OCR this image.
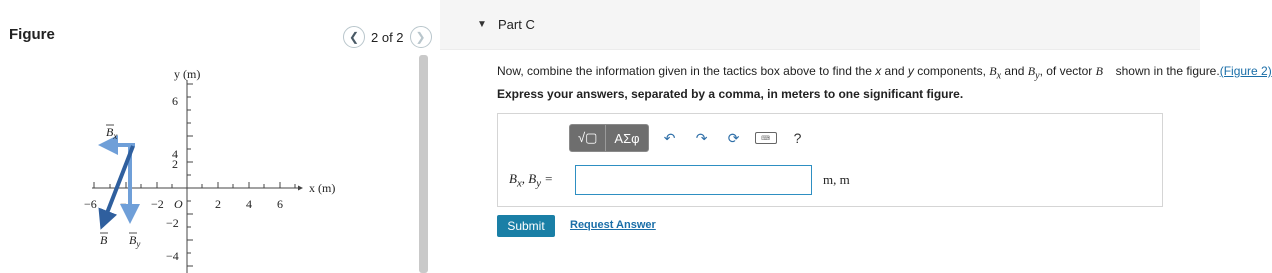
Figure	❮ 2 of 2 ❯
y (m)
x (m)
6
4
2
−2
−4
−6 −4 −2 O	2 4 6
$B_x$
B $B_y$
▼ Part C
Now, combine the information given in the tactics box above to find the x and y components, $B_x$ and $B_y$, of vector B⃗ shown in the figure.(Figure 2)
Express your answers, separated by a comma, in meters to one significant figure.
√▢	ΑΣφ	↶	↷	⟳	⌨	?
$B_x$, $B_y$ =	m, m
Submit	Request Answer
